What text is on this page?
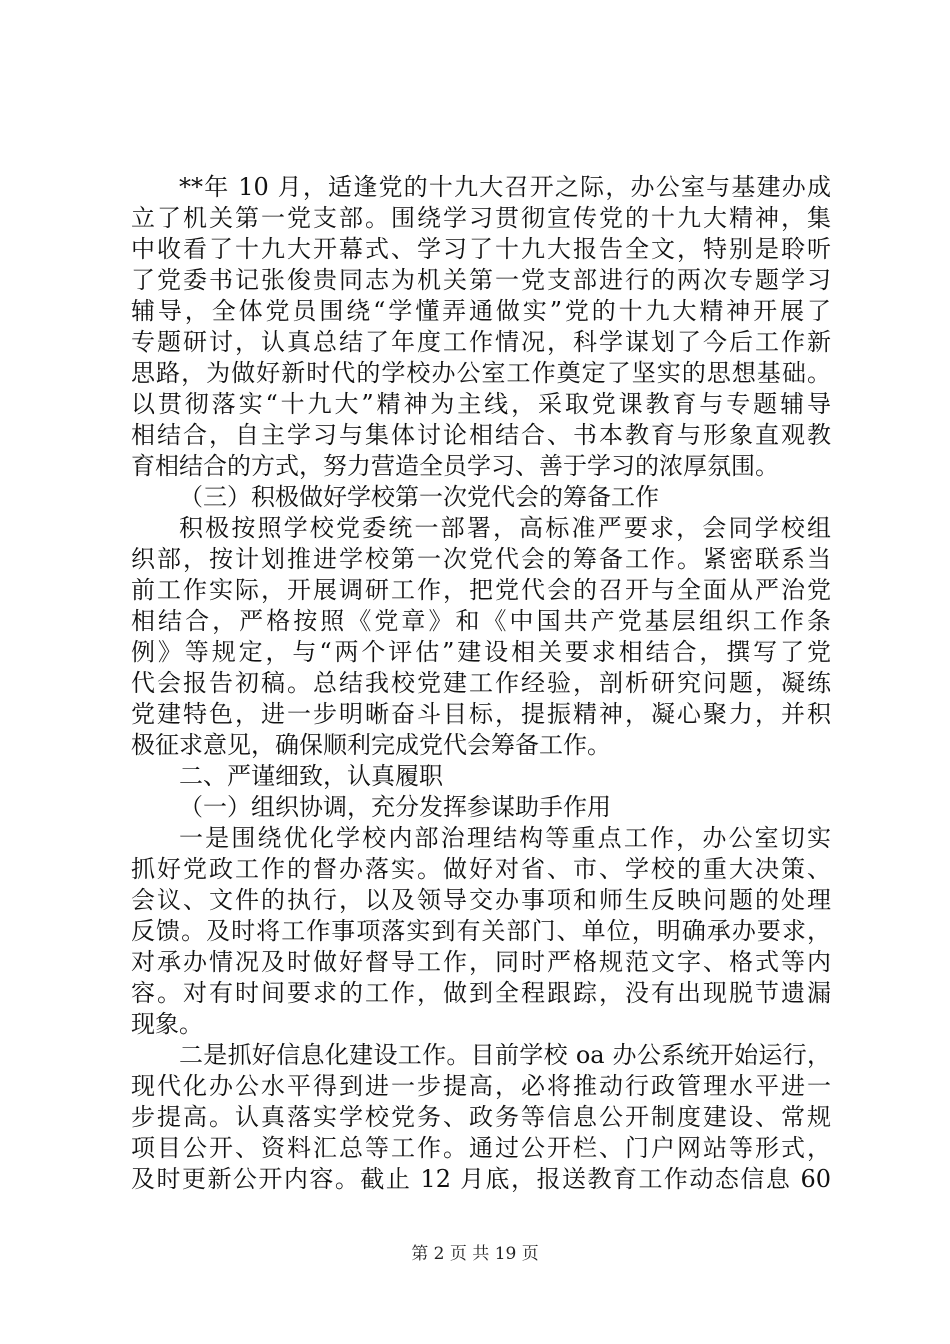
**年 10 月，适逢党的十九大召开之际，办公室与基建办成
立了机关第一党支部。围绕学习贯彻宣传党的十九大精神，集
中收看了十九大开幕式、学习了十九大报告全文，特别是聆听
了党委书记张俊贵同志为机关第一党支部进行的两次专题学习
辅导，全体党员围绕“学懂弄通做实”党的十九大精神开展了
专题研讨，认真总结了年度工作情况，科学谋划了今后工作新
思路，为做好新时代的学校办公室工作奠定了坚实的思想基础。
以贯彻落实“十九大”精神为主线，采取党课教育与专题辅导
相结合，自主学习与集体讨论相结合、书本教育与形象直观教
育相结合的方式，努力营造全员学习、善于学习的浓厚氛围。
（三）积极做好学校第一次党代会的筹备工作
积极按照学校党委统一部署，高标准严要求，会同学校组
织部，按计划推进学校第一次党代会的筹备工作。紧密联系当
前工作实际，开展调研工作，把党代会的召开与全面从严治党
相结合，严格按照《党章》和《中国共产党基层组织工作条
例》等规定，与“两个评估”建设相关要求相结合，撰写了党
代会报告初稿。总结我校党建工作经验，剖析研究问题，凝练
党建特色，进一步明晰奋斗目标，提振精神，凝心聚力，并积
极征求意见，确保顺利完成党代会筹备工作。
二、严谨细致，认真履职
（一）组织协调，充分发挥参谋助手作用
一是围绕优化学校内部治理结构等重点工作，办公室切实
抓好党政工作的督办落实。做好对省、市、学校的重大决策、
会议、文件的执行，以及领导交办事项和师生反映问题的处理
反馈。及时将工作事项落实到有关部门、单位，明确承办要求，
对承办情况及时做好督导工作，同时严格规范文字、格式等内
容。对有时间要求的工作，做到全程跟踪，没有出现脱节遗漏
现象。
二是抓好信息化建设工作。目前学校 oa 办公系统开始运行，
现代化办公水平得到进一步提高，必将推动行政管理水平进一
步提高。认真落实学校党务、政务等信息公开制度建设、常规
项目公开、资料汇总等工作。通过公开栏、门户网站等形式，
及时更新公开内容。截止 12 月底，报送教育工作动态信息 60
第 2 页 共 19 页
